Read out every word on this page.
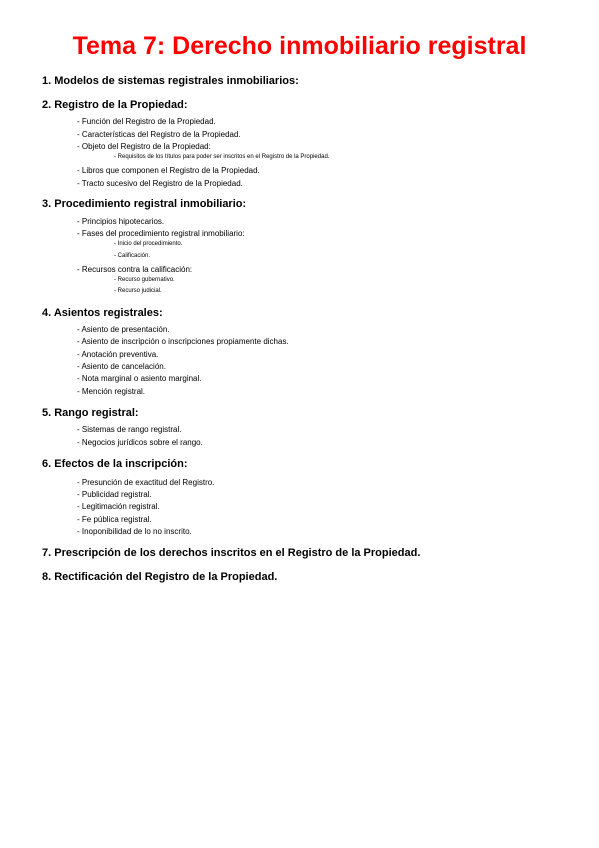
Tema 7: Derecho inmobiliario registral
1. Modelos de sistemas registrales inmobiliarios:
2. Registro de la Propiedad:
- Función del Registro de la Propiedad.
- Características del Registro de la Propiedad.
- Objeto del Registro de la Propiedad:
- Requisitos de los títulos para poder ser inscritos en el Registro de la Propiedad.
- Libros que componen el Registro de la Propiedad.
- Tracto sucesivo del Registro de la Propiedad.
3. Procedimiento registral inmobiliario:
- Principios hipotecarios.
- Fases del procedimiento registral inmobiliario:
- Inicio del procedimiento.
- Calificación.
- Recursos contra la calificación:
- Recurso gubernativo.
- Recurso judicial.
4. Asientos registrales:
- Asiento de presentación.
- Asiento de inscripción o inscripciones propiamente dichas.
- Anotación preventiva.
- Asiento de cancelación.
- Nota marginal o asiento marginal.
- Mención registral.
5. Rango registral:
- Sistemas de rango registral.
- Negocios jurídicos sobre el rango.
6. Efectos de la inscripción:
- Presunción de exactitud del Registro.
- Publicidad registral.
- Legitimación registral.
- Fe pública registral.
- Inoponibilidad de lo no inscrito.
7. Prescripción de los derechos inscritos en el Registro de la Propiedad.
8. Rectificación del Registro de la Propiedad.
